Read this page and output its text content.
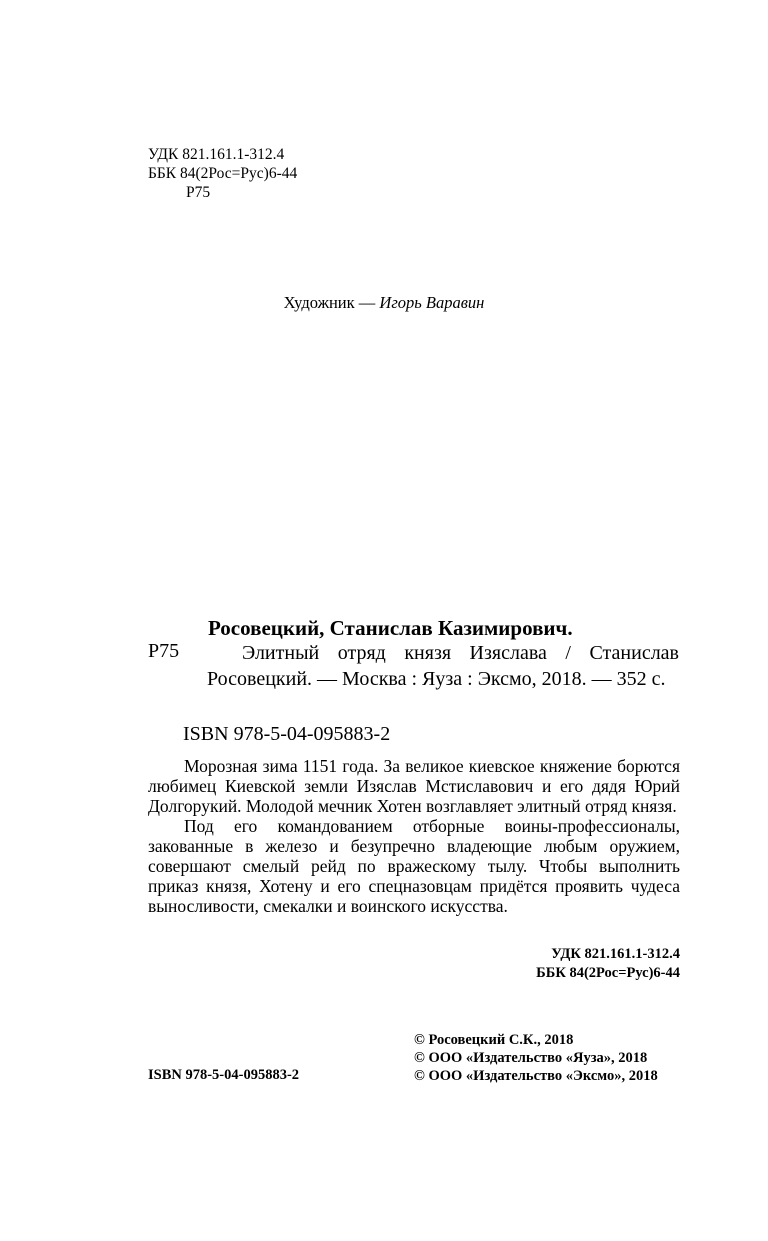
УДК 821.161.1-312.4
ББК 84(2Рос=Рус)6-44
Р75
Художник — Игорь Варавин
Росовецкий, Станислав Казимирович.
Р75	Элитный отряд князя Изяслава / Станислав Росовецкий. — Москва : Яуза : Эксмо, 2018. — 352 с.
ISBN 978-5-04-095883-2

Морозная зима 1151 года. За великое киевское княжение борются любимец Киевской земли Изяслав Мстиславович и его дядя Юрий Долгорукий. Молодой мечник Хотен возглавляет элитный отряд князя.

Под его командованием отборные воины-профессионалы, закованные в железо и безупречно владеющие любым оружием, совершают смелый рейд по вражескому тылу. Чтобы выполнить приказ князя, Хотену и его спецназовцам придётся проявить чудеса выносливости, смекалки и воинского искусства.

УДК 821.161.1-312.4
ББК 84(2Рос=Рус)6-44
© Росовецкий С.К., 2018
© ООО «Издательство «Яуза», 2018
© ООО «Издательство «Эксмо», 2018
ISBN 978-5-04-095883-2
